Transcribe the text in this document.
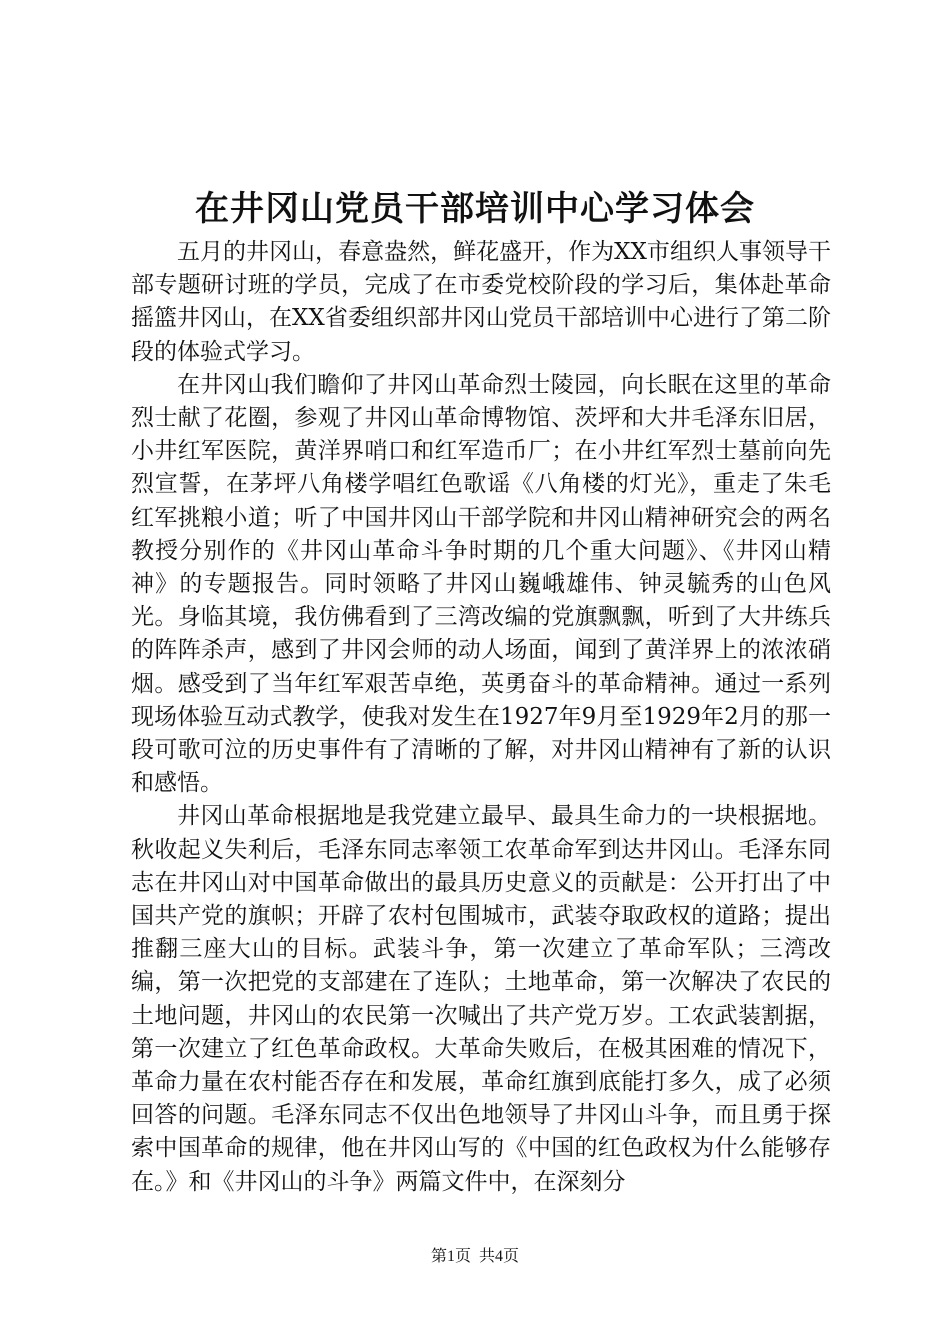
在井冈山党员干部培训中心学习体会

五月的井冈山，春意盎然，鲜花盛开，作为XX市组织人事领导干部专题研讨班的学员，完成了在市委党校阶段的学习后，集体赴革命摇篮井冈山，在XX省委组织部井冈山党员干部培训中心进行了第二阶段的体验式学习。

在井冈山我们瞻仰了井冈山革命烈士陵园，向长眠在这里的革命烈士献了花圈，参观了井冈山革命博物馆、茨坪和大井毛泽东旧居，小井红军医院，黄洋界哨口和红军造币厂；在小井红军烈士墓前向先烈宣誓，在茅坪八角楼学唱红色歌谣《八角楼的灯光》，重走了朱毛红军挑粮小道；听了中国井冈山干部学院和井冈山精神研究会的两名教授分别作的《井冈山革命斗争时期的几个重大问题》、《井冈山精神》的专题报告。同时领略了井冈山巍峨雄伟、钟灵毓秀的山色风光。身临其境，我仿佛看到了三湾改编的党旗飘飘，听到了大井练兵的阵阵杀声，感到了井冈会师的动人场面，闻到了黄洋界上的浓浓硝烟。感受到了当年红军艰苦卓绝，英勇奋斗的革命精神。通过一系列现场体验互动式教学，使我对发生在1927年9月至1929年2月的那一段可歌可泣的历史事件有了清晰的了解，对井冈山精神有了新的认识和感悟。

井冈山革命根据地是我党建立最早、最具生命力的一块根据地。秋收起义失利后，毛泽东同志率领工农革命军到达井冈山。毛泽东同志在井冈山对中国革命做出的最具历史意义的贡献是：公开打出了中国共产党的旗帜；开辟了农村包围城市，武装夺取政权的道路；提出推翻三座大山的目标。武装斗争，第一次建立了革命军队；三湾改编，第一次把党的支部建在了连队；土地革命，第一次解决了农民的土地问题，井冈山的农民第一次喊出了共产党万岁。工农武装割据，第一次建立了红色革命政权。大革命失败后，在极其困难的情况下，革命力量在农村能否存在和发展，革命红旗到底能打多久，成了必须回答的问题。毛泽东同志不仅出色地领导了井冈山斗争，而且勇于探索中国革命的规律，他在井冈山写的《中国的红色政权为什么能够存在。》和《井冈山的斗争》两篇文件中，在深刻分

第1页  共4页
